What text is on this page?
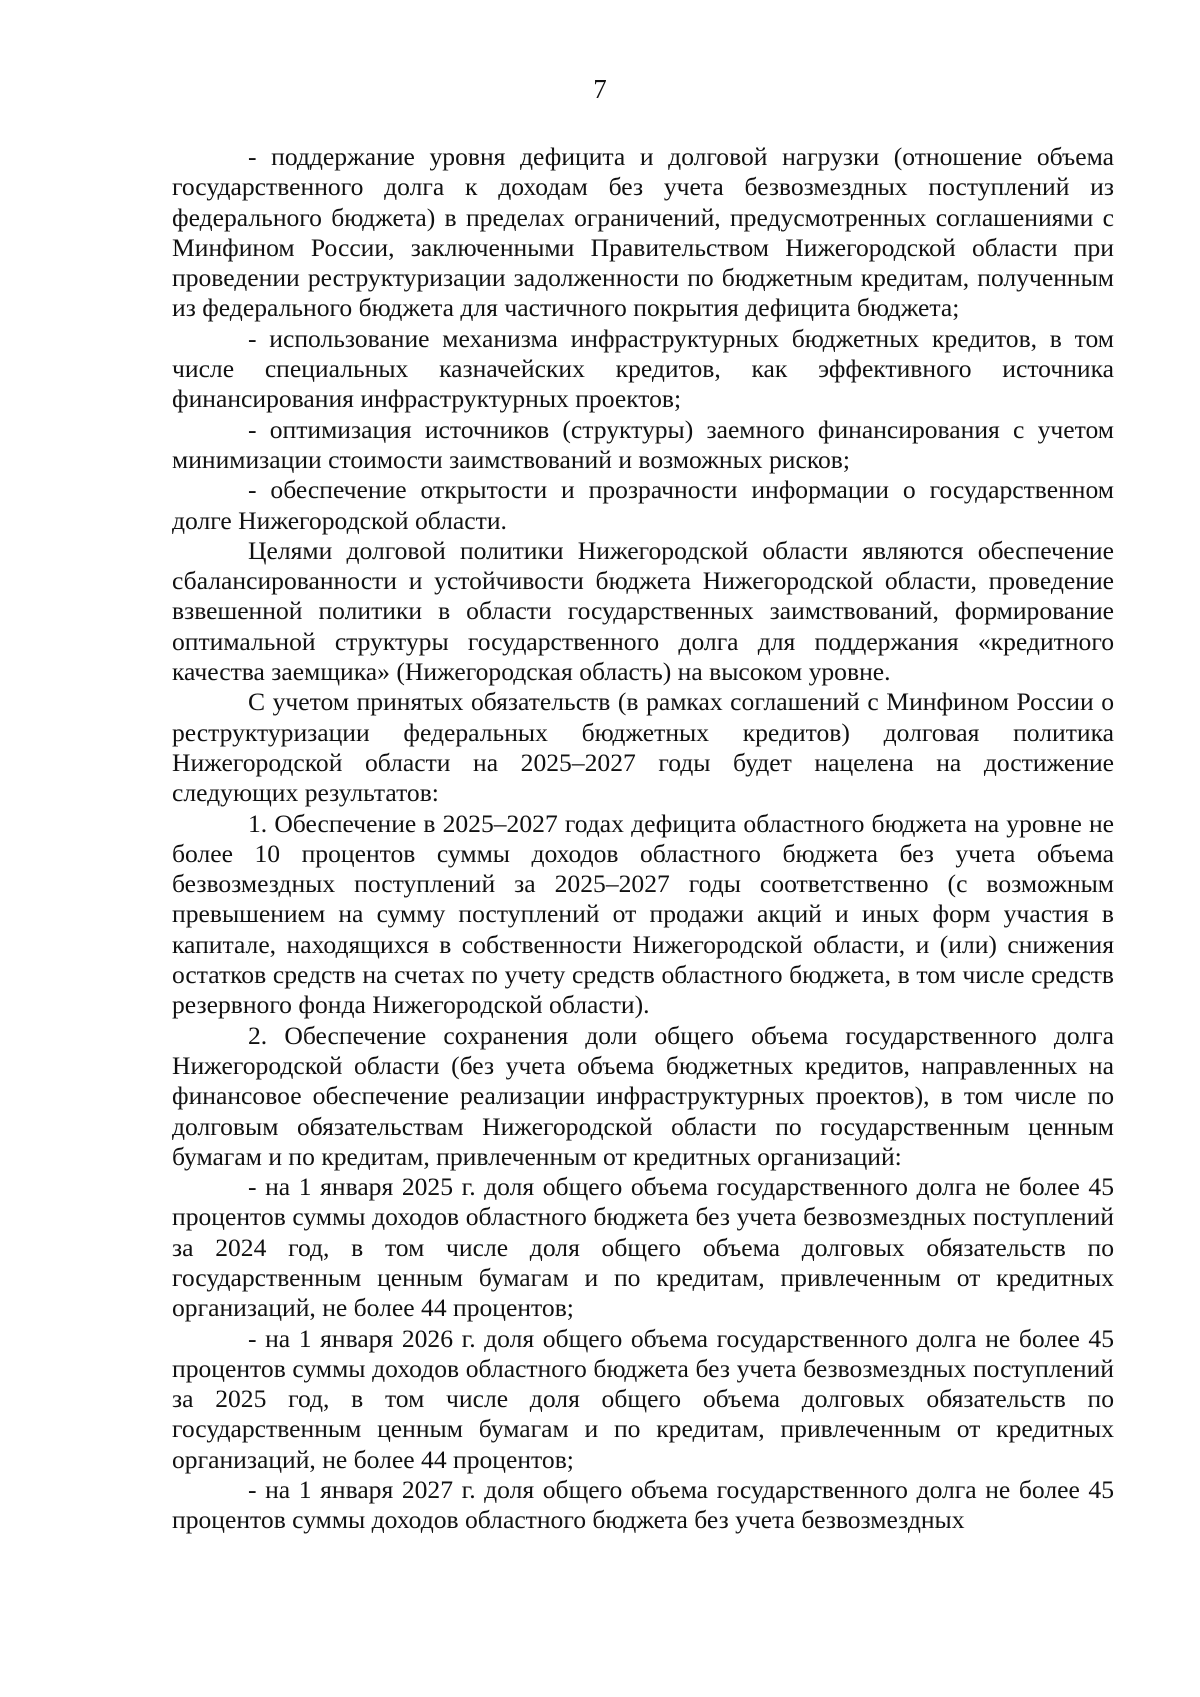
7

- поддержание уровня дефицита и долговой нагрузки (отношение объема государственного долга к доходам без учета безвозмездных поступлений из федерального бюджета) в пределах ограничений, предусмотренных соглашениями с Минфином России, заключенными Правительством Нижегородской области при проведении реструктуризации задолженности по бюджетным кредитам, полученным из федерального бюджета для частичного покрытия дефицита бюджета;

- использование механизма инфраструктурных бюджетных кредитов, в том числе специальных казначейских кредитов, как эффективного источника финансирования инфраструктурных проектов;

- оптимизация источников (структуры) заемного финансирования с учетом минимизации стоимости заимствований и возможных рисков;

- обеспечение открытости и прозрачности информации о государственном долге Нижегородской области.

Целями долговой политики Нижегородской области являются обеспечение сбалансированности и устойчивости бюджета Нижегородской области, проведение взвешенной политики в области государственных заимствований, формирование оптимальной структуры государственного долга для поддержания «кредитного качества заемщика» (Нижегородская область) на высоком уровне.

С учетом принятых обязательств (в рамках соглашений с Минфином России о реструктуризации федеральных бюджетных кредитов) долговая политика Нижегородской области на 2025–2027 годы будет нацелена на достижение следующих результатов:

1. Обеспечение в 2025–2027 годах дефицита областного бюджета на уровне не более 10 процентов суммы доходов областного бюджета без учета объема безвозмездных поступлений за 2025–2027 годы соответственно (с возможным превышением на сумму поступлений от продажи акций и иных форм участия в капитале, находящихся в собственности Нижегородской области, и (или) снижения остатков средств на счетах по учету средств областного бюджета, в том числе средств резервного фонда Нижегородской области).

2. Обеспечение сохранения доли общего объема государственного долга Нижегородской области (без учета объема бюджетных кредитов, направленных на финансовое обеспечение реализации инфраструктурных проектов), в том числе по долговым обязательствам Нижегородской области по государственным ценным бумагам и по кредитам, привлеченным от кредитных организаций:

- на 1 января 2025 г. доля общего объема государственного долга не более 45 процентов суммы доходов областного бюджета без учета безвозмездных поступлений за 2024 год, в том числе доля общего объема долговых обязательств по государственным ценным бумагам и по кредитам, привлеченным от кредитных организаций, не более 44 процентов;

- на 1 января 2026 г. доля общего объема государственного долга не более 45 процентов суммы доходов областного бюджета без учета безвозмездных поступлений за 2025 год, в том числе доля общего объема долговых обязательств по государственным ценным бумагам и по кредитам, привлеченным от кредитных организаций, не более 44 процентов;

- на 1 января 2027 г. доля общего объема государственного долга не более 45 процентов суммы доходов областного бюджета без учета безвозмездных
